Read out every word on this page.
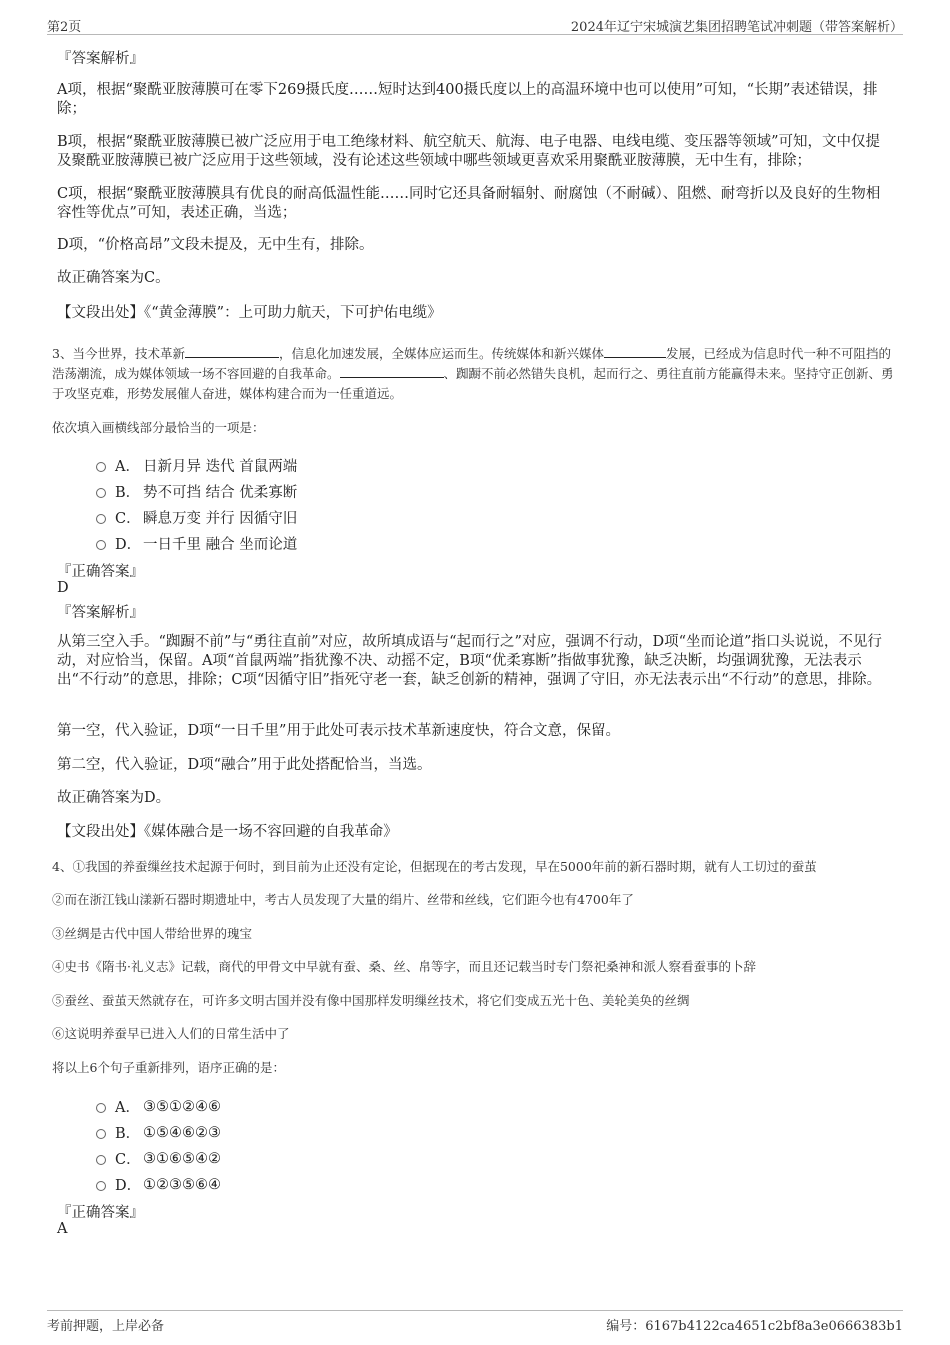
第2页	2024年辽宁宋城演艺集团招聘笔试冲刺题（带答案解析）
『答案解析』
A项，根据“聚酰亚胺薄膜可在零下269摄氏度……短时达到400摄氏度以上的高温环境中也可以使用”可知，“长期”表述错误，排除；
B项，根据“聚酰亚胺薄膜已被广泛应用于电工绝缘材料、航空航天、航海、电子电器、电线电缆、变压器等领域”可知，文中仅提及聚酰亚胺薄膜已被广泛应用于这些领域，没有论述这些领域中哪些领域更喜欢采用聚酰亚胺薄膜，无中生有，排除；
C项，根据“聚酰亚胺薄膜具有优良的耐高低温性能……同时它还具备耐辐射、耐腐蚀（不耐碱）、阻燃、耐弯折以及良好的生物相容性等优点”可知，表述正确，当选；
D项，“价格高昂”文段未提及，无中生有，排除。
故正确答案为C。
【文段出处】《“黄金薄膜”：上可助力航天，下可护佑电缆》
3、当今世界，技术革新	，信息化加速发展，全媒体应运而生。传统媒体和新兴媒体	发展，已经成为信息时代一种不可阻挡的浩荡潮流，成为媒体领域一场不容回避的自我革命。	、踟蹰不前必然错失良机，起而行之、勇往直前方能赢得未来。坚持守正创新、勇于攻坚克难，形势发展催人奋进，媒体构建合而为一任重道远。
依次填入画横线部分最恰当的一项是：
A． 日新月异 迭代 首鼠两端
B． 势不可挡 结合 优柔寡断
C． 瞬息万变 并行 因循守旧
D． 一日千里 融合 坐而论道
『正确答案』
D
『答案解析』
从第三空入手。“踟蹰不前”与“勇往直前”对应，故所填成语与“起而行之”对应，强调不行动，D项“坐而论道”指口头说说，不见行动，对应恰当，保留。A项“首鼠两端”指犹豫不决、动摇不定，B项“优柔寡断”指做事犹豫，缺乏决断，均强调犹豫，无法表示出“不行动”的意思，排除；C项“因循守旧”指死守老一套，缺乏创新的精神，强调了守旧，亦无法表示出“不行动”的意思，排除。
第一空，代入验证，D项“一日千里”用于此处可表示技术革新速度快，符合文意，保留。
第二空，代入验证，D项“融合”用于此处搭配恰当，当选。
故正确答案为D。
【文段出处】《媒体融合是一场不容回避的自我革命》
4、①我国的养蚕缫丝技术起源于何时，到目前为止还没有定论，但据现在的考古发现，早在5000年前的新石器时期，就有人工切过的蚕茧
②而在浙江钱山漾新石器时期遗址中，考古人员发现了大量的绢片、丝带和丝线，它们距今也有4700年了
③丝绸是古代中国人带给世界的瑰宝
④史书《隋书·礼义志》记载，商代的甲骨文中早就有蚕、桑、丝、帛等字，而且还记载当时专门祭祀桑神和派人察看蚕事的卜辞
⑤蚕丝、蚕茧天然就存在，可许多文明古国并没有像中国那样发明缫丝技术，将它们变成五光十色、美轮美奂的丝绸
⑥这说明养蚕早已进入人们的日常生活中了
将以上6个句子重新排列，语序正确的是：
A． ③⑤①②④⑥
B． ①⑤④⑥②③
C． ③①⑥⑤④②
D． ①②③⑤⑥④
『正确答案』
A
考前押题，上岸必备	编号：6167b4122ca4651c2bf8a3e0666383b1
